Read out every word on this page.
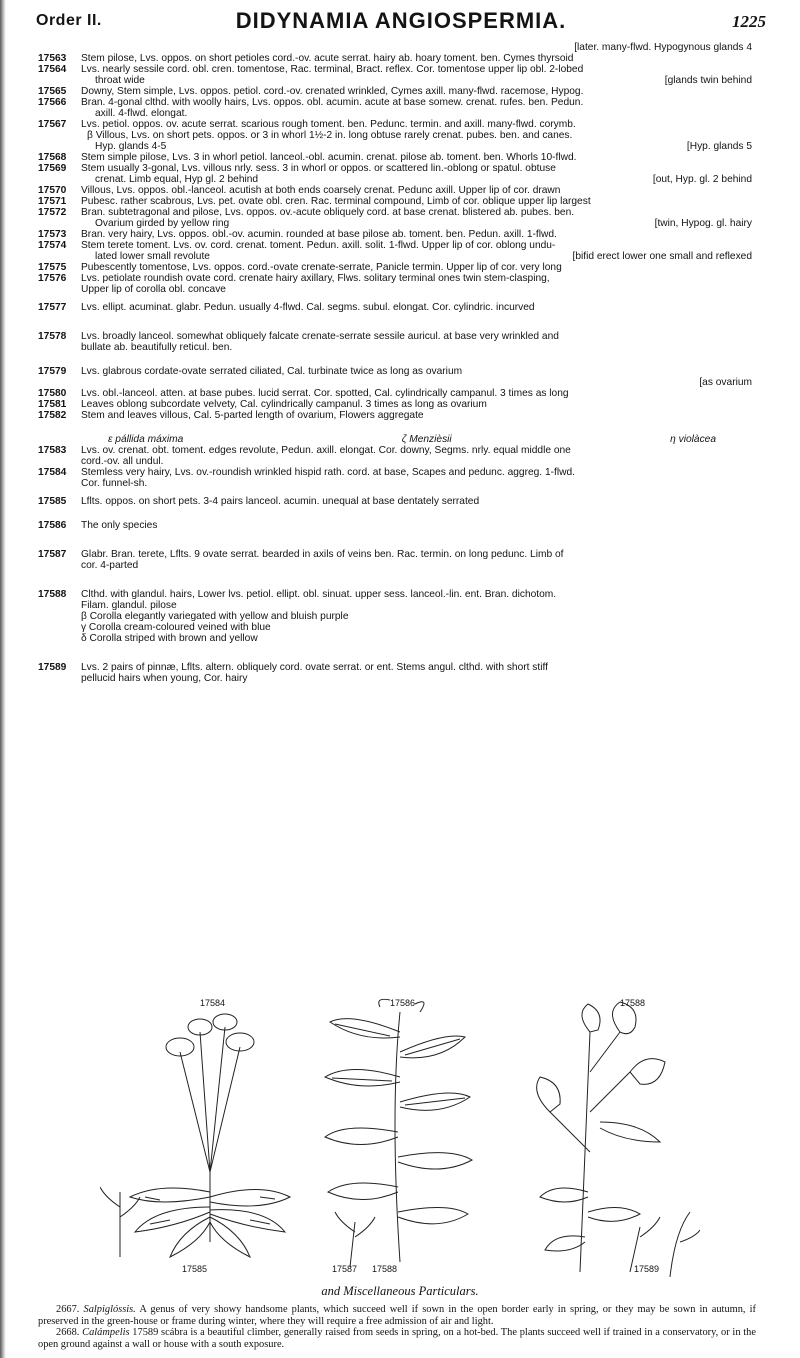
Order II.	DIDYNAMIA ANGIOSPERMIA.	1225
[later. many-flwd. Hypogynous glands 4
17563 Stem pilose, Lvs. oppos. on short petioles cord.-ov. acute serrat. hairy ab. hoary toment. ben. Cymes thyrsoid
17564 Lvs. nearly sessile cord. obl. cren. tomentose, Rac. terminal, Bract. reflex. Cor. tomentose upper lip obl. 2-lobed
throat wide	[glands twin behind
17565 Downy, Stem simple, Lvs. oppos. petiol. cord.-ov. crenated wrinkled, Cymes axill. many-flwd. racemose, Hypog.
17566 Bran. 4-gonal clthd. with woolly hairs, Lvs. oppos. obl. acumin. acute at base somew. crenat. rufes. ben. Pedun.
axill. 4-flwd. elongat.
17567 Lvs. petiol. oppos. ov. acute serrat. scarious rough toment. ben. Pedunc. termin. and axill. many-flwd. corymb.
β Villous, Lvs. on short pets. oppos. or 3 in whorl 1½-2 in. long obtuse rarely crenat. pubes. ben. and canes.
Hyp. glands 4-5	[Hyp. glands 5
17568 Stem simple pilose, Lvs. 3 in whorl petiol. lanceol.-obl. acumin. crenat. pilose ab. toment. ben. Whorls 10-flwd.
17569 Stem usually 3-gonal, Lvs. villous nrly. sess. 3 in whorl or oppos. or scattered lin.-oblong or spatul. obtuse
crenat. Limb equal, Hyp gl. 2 behind	[out, Hyp. gl. 2 behind
17570 Villous, Lvs. oppos. obl.-lanceol. acutish at both ends coarsely crenat. Pedunc axill. Upper lip of cor. drawn
17571 Pubesc. rather scabrous, Lvs. pet. ovate obl. cren. Rac. terminal compound, Limb of cor. oblique upper lip largest
17572 Bran. subtetragonal and pilose, Lvs. oppos. ov.-acute obliquely cord. at base crenat. blistered ab. pubes. ben.
Ovarium girded by yellow ring	[twin, Hypog. gl. hairy
17573 Bran. very hairy, Lvs. oppos. obl.-ov. acumin. rounded at base pilose ab. toment. ben. Pedun. axill. 1-flwd.
17574 Stem terete toment. Lvs. ov. cord. crenat. toment. Pedun. axill. solit. 1-flwd. Upper lip of cor. oblong undu-
lated lower small revolute	[bifid erect lower one small and reflexed
17575 Pubescently tomentose, Lvs. oppos. cord.-ovate crenate-serrate, Panicle termin. Upper lip of cor. very long
17576 Lvs. petiolate roundish ovate cord. crenate hairy axillary, Flws. solitary terminal ones twin stem-clasping,
Upper lip of corolla obl. concave
17577 Lvs. ellipt. acuminat. glabr. Pedun. usually 4-flwd. Cal. segms. subul. elongat. Cor. cylindric. incurved
17578 Lvs. broadly lanceol. somewhat obliquely falcate crenate-serrate sessile auricul. at base very wrinkled and
bullate ab. beautifully reticul. ben.
17579 Lvs. glabrous cordate-ovate serrated ciliated, Cal. turbinate twice as long as ovarium
[as ovarium
17580 Lvs. obl.-lanceol. atten. at base pubes. lucid serrat. Cor. spotted, Cal. cylindrically campanul. 3 times as long
17581 Leaves oblong subcordate velvety, Cal. cylindrically campanul. 3 times as long as ovarium
17582 Stem and leaves villous, Cal. 5-parted length of ovarium, Flowers aggregate
ε pállida máxima	ζ Menzièsii	η violàcea
17583 Lvs. ov. crenat. obt. toment. edges revolute, Pedun. axill. elongat. Cor. downy, Segms. nrly. equal middle one
cord.-ov. all undul.
17584 Stemless very hairy, Lvs. ov.-roundish wrinkled hispid rath. cord. at base, Scapes and pedunc. aggreg. 1-flwd.
Cor. funnel-sh.
17585 Lflts. oppos. on short pets. 3-4 pairs lanceol. acumin. unequal at base dentately serrated
17586 The only species
17587 Glabr. Bran. terete, Lflts. 9 ovate serrat. bearded in axils of veins ben. Rac. termin. on long pedunc. Limb of
cor. 4-parted
17588 Clthd. with glandul. hairs, Lower lvs. petiol. ellipt. obl. sinuat. upper sess. lanceol.-lin. ent. Bran. dichotom.
Filam. glandul. pilose
β Corolla elegantly variegated with yellow and bluish purple
γ Corolla cream-coloured veined with blue
δ Corolla striped with brown and yellow
17589 Lvs. 2 pairs of pinnæ, Lflts. altern. obliquely cord. ovate serrat. or ent. Stems angul. clthd. with short stiff
pellucid hairs when young, Cor. hairy
17584	17586	17588
17585	17587 17588	17589
and Miscellaneous Particulars.

2667. Salpiglóssis. A genus of very showy handsome plants, which succeed well if sown in the open border early in spring, or they may be sown in autumn, if preserved in the green-house or frame during winter, where they will require a free admission of air and light.

2668. Calámpelis 17589 scábra is a beautiful climber, generally raised from seeds in spring, on a hot-bed. The plants succeed well if trained in a conservatory, or in the open ground against a wall or house with a south exposure.
